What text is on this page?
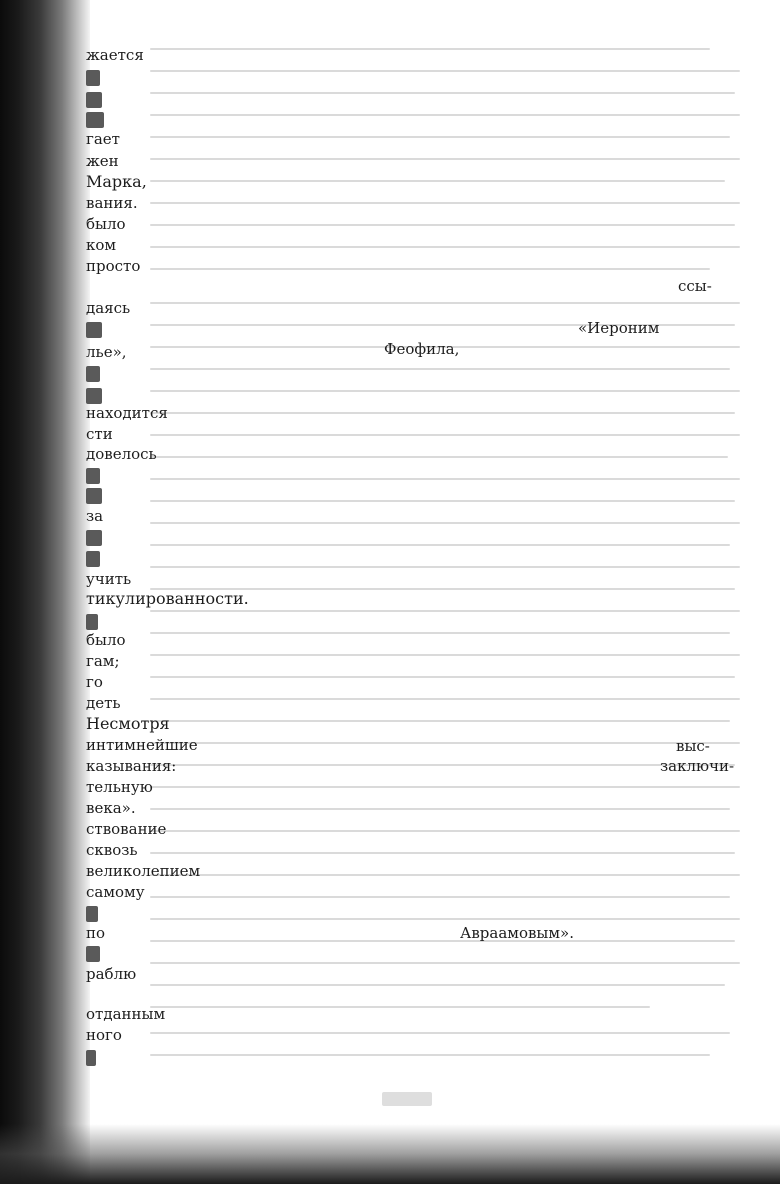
жается

гает

жен

Марка,

вания.

было

ком

просто

даясь

лье»,

находится

сти

довелось

за

учить

тикулированности.

было

гам;

го

деть

Несмотря

интимнейшие

казывания:

тельную

века».

ствование

сквозь

великолепием

самому

по

раблю

отданным

ного

ссы-

«Иероним

Феофила,

выс-

заключи-

Авраамовым».
